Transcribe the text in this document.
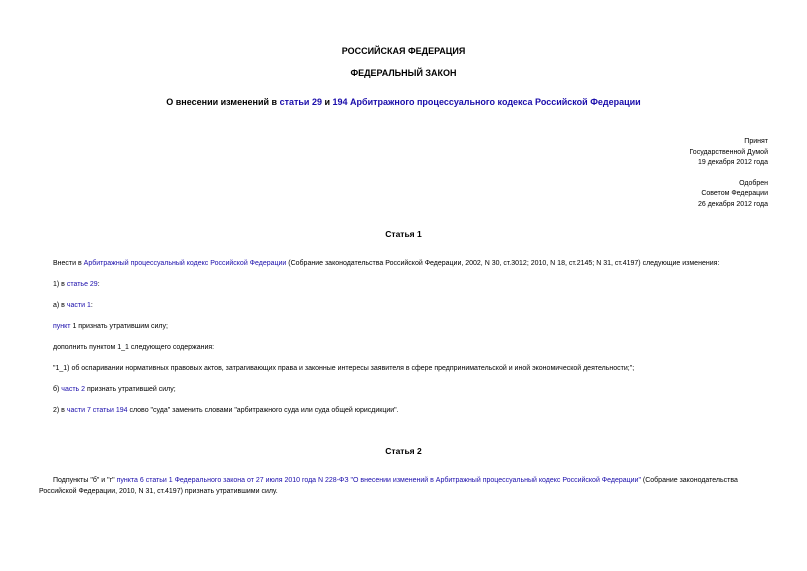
РОССИЙСКАЯ ФЕДЕРАЦИЯ
ФЕДЕРАЛЬНЫЙ ЗАКОН
О внесении изменений в статьи 29 и 194 Арбитражного процессуального кодекса Российской Федерации
Принят
Государственной Думой
19 декабря 2012 года
Одобрен
Советом Федерации
26 декабря 2012 года
Статья 1
Внести в Арбитражный процессуальный кодекс Российской Федерации (Собрание законодательства Российской Федерации, 2002, N 30, ст.3012; 2010, N 18, ст.2145; N 31, ст.4197) следующие изменения:
1) в статье 29:
а) в части 1:
пункт 1 признать утратившим силу;
дополнить пунктом 1_1 следующего содержания:
"1_1) об оспаривании нормативных правовых актов, затрагивающих права и законные интересы заявителя в сфере предпринимательской и иной экономической деятельности;";
б) часть 2 признать утратившей силу;
2) в части 7 статьи 194 слово "суда" заменить словами "арбитражного суда или суда общей юрисдикции".
Статья 2
Подпункты "б" и "г" пункта 6 статьи 1 Федерального закона от 27 июля 2010 года N 228-ФЗ "О внесении изменений в Арбитражный процессуальный кодекс Российской Федерации" (Собрание законодательства
Российской Федерации, 2010, N 31, ст.4197) признать утратившими силу.
